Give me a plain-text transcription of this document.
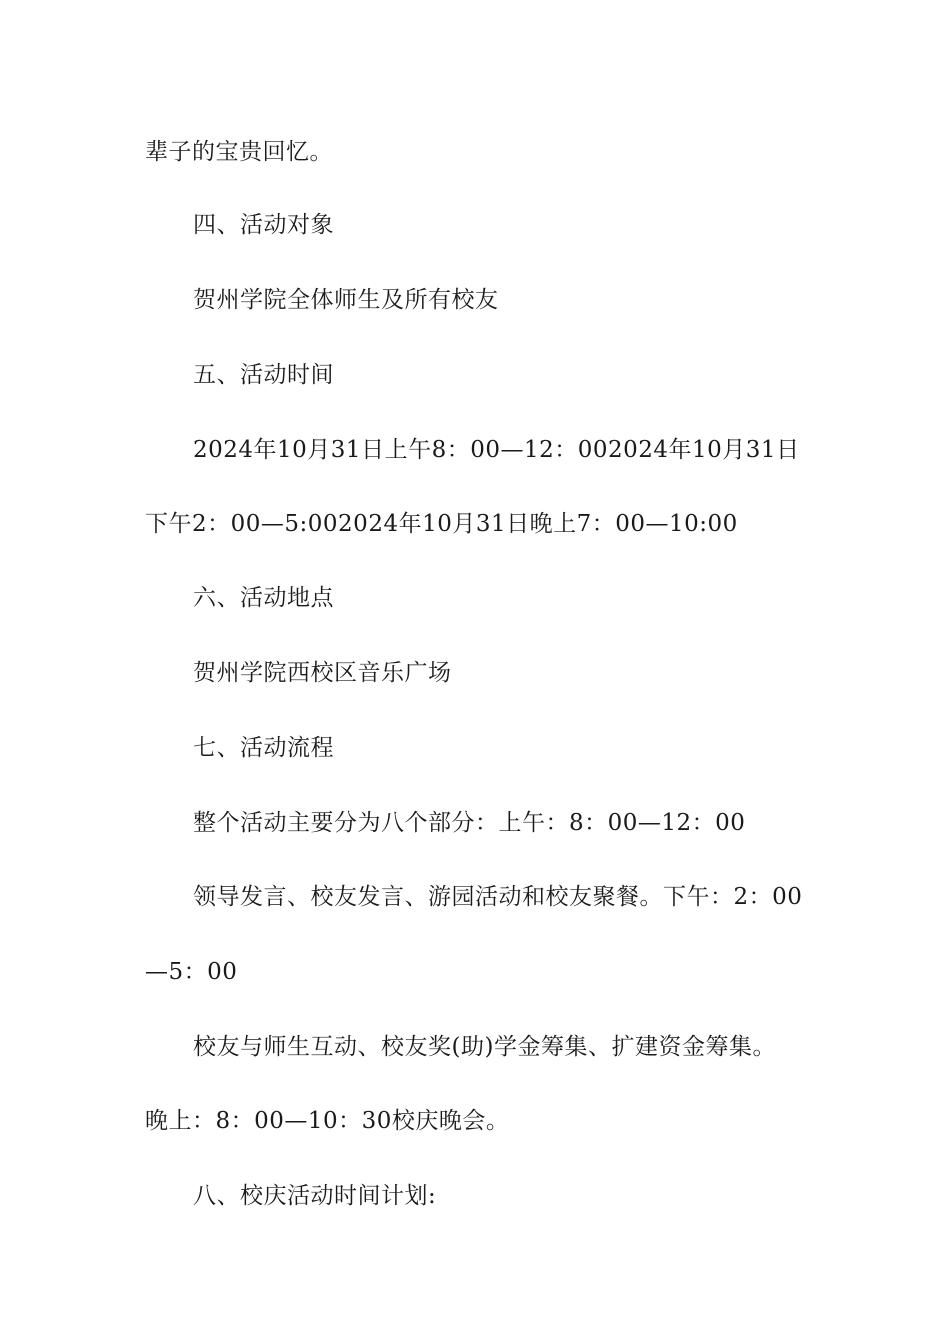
辈子的宝贵回忆。
四、活动对象
贺州学院全体师生及所有校友
五、活动时间
2024年10月31日上午8：00—12：002024年10月31日
下午2：00—5:002024年10月31日晚上7：00—10:00
六、活动地点
贺州学院西校区音乐广场
七、活动流程
整个活动主要分为八个部分：上午：8：00—12：00
领导发言、校友发言、游园活动和校友聚餐。下午：2：00
—5：00
校友与师生互动、校友奖(助)学金筹集、扩建资金筹集。
晚上：8：00—10：30校庆晚会。
八、校庆活动时间计划:
